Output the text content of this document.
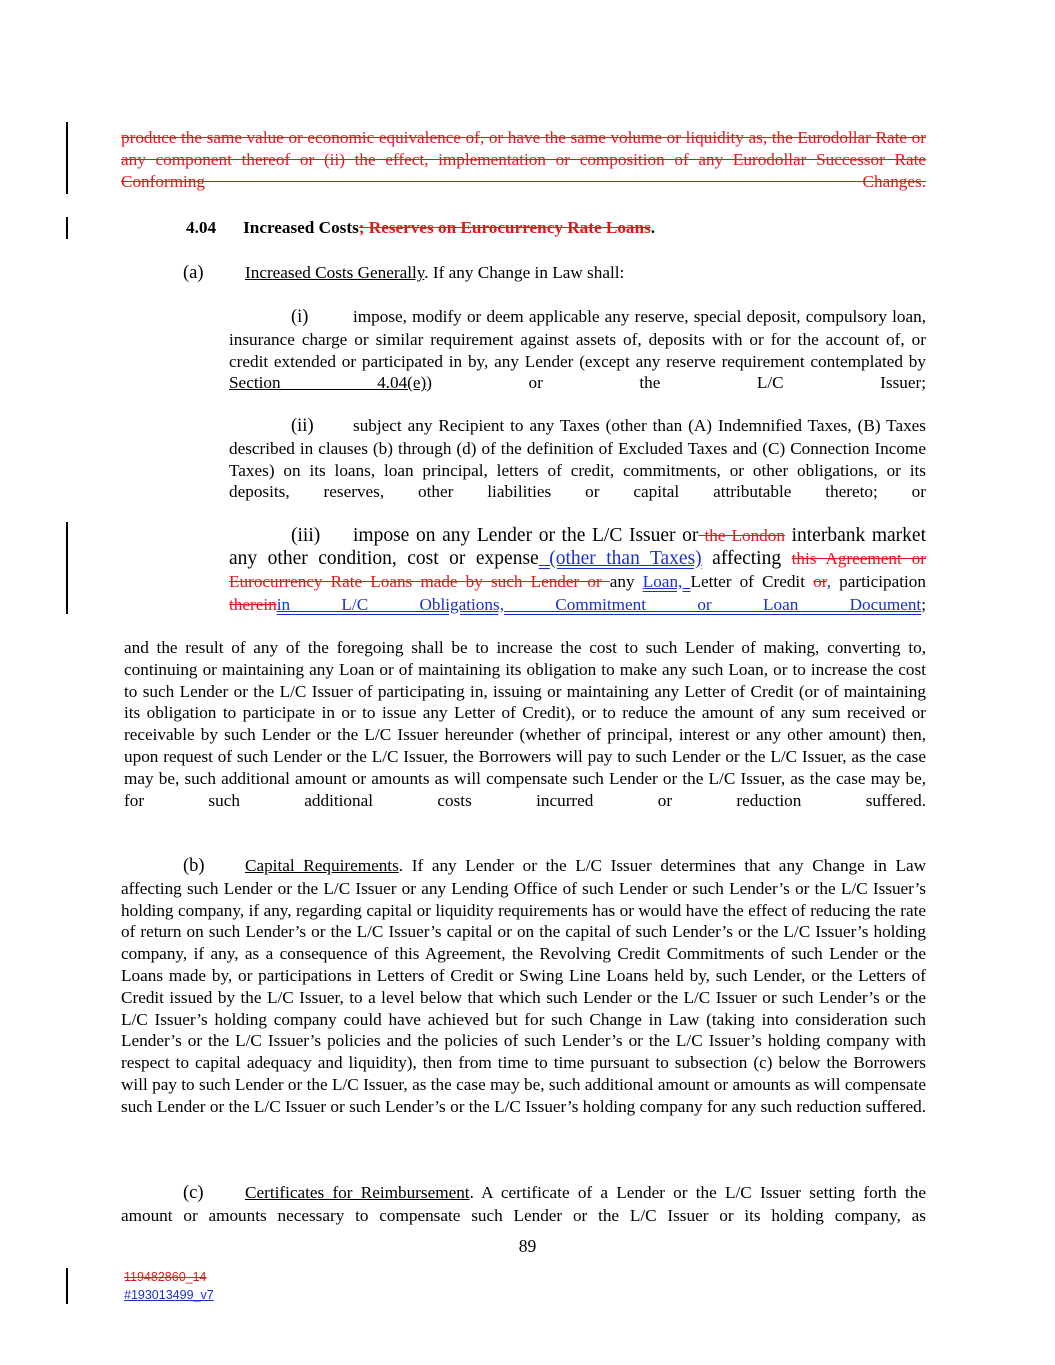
produce the same value or economic equivalence of, or have the same volume or liquidity as, the Eurodollar Rate or any component thereof or (ii) the effect, implementation or composition of any Eurodollar Successor Rate Conforming Changes.

4.04 Increased Costs; Reserves on Eurocurrency Rate Loans.

(a) Increased Costs Generally. If any Change in Law shall:

(i)	impose, modify or deem applicable any reserve, special deposit, compulsory loan, insurance charge or similar requirement against assets of, deposits with or for the account of, or credit extended or participated in by, any Lender (except any reserve requirement contemplated by Section 4.04(e)) or the L/C Issuer;

(ii) subject any Recipient to any Taxes (other than (A) Indemnified Taxes, (B) Taxes described in clauses (b) through (d) of the definition of Excluded Taxes and (C) Connection Income Taxes) on its loans, loan principal, letters of credit, commitments, or other obligations, or its deposits, reserves, other liabilities or capital attributable thereto; or

(iii) impose on any Lender or the L/C Issuer or the London interbank market any other condition, cost or expense (other than Taxes) affecting this Agreement or Eurocurrency Rate Loans made by such Lender or any Loan, Letter of Credit or, participation thereinin L/C Obligations, Commitment or Loan Document;

and the result of any of the foregoing shall be to increase the cost to such Lender of making, converting to, continuing or maintaining any Loan or of maintaining its obligation to make any such Loan, or to increase the cost to such Lender or the L/C Issuer of participating in, issuing or maintaining any Letter of Credit (or of maintaining its obligation to participate in or to issue any Letter of Credit), or to reduce the amount of any sum received or receivable by such Lender or the L/C Issuer hereunder (whether of principal, interest or any other amount) then, upon request of such Lender or the L/C Issuer, the Borrowers will pay to such Lender or the L/C Issuer, as the case may be, such additional amount or amounts as will compensate such Lender or the L/C Issuer, as the case may be, for such additional costs incurred or reduction suffered.

(b) Capital Requirements. If any Lender or the L/C Issuer determines that any Change in Law affecting such Lender or the L/C Issuer or any Lending Office of such Lender or such Lender’s or the L/C Issuer’s holding company, if any, regarding capital or liquidity requirements has or would have the effect of reducing the rate of return on such Lender’s or the L/C Issuer’s capital or on the capital of such Lender’s or the L/C Issuer’s holding company, if any, as a consequence of this Agreement, the Revolving Credit Commitments of such Lender or the Loans made by, or participations in Letters of Credit or Swing Line Loans held by, such Lender, or the Letters of Credit issued by the L/C Issuer, to a level below that which such Lender or the L/C Issuer or such Lender’s or the L/C Issuer’s holding company could have achieved but for such Change in Law (taking into consideration such Lender’s or the L/C Issuer’s policies and the policies of such Lender’s or the L/C Issuer’s holding company with respect to capital adequacy and liquidity), then from time to time pursuant to subsection (c) below the Borrowers will pay to such Lender or the L/C Issuer, as the case may be, such additional amount or amounts as will compensate such Lender or the L/C Issuer or such Lender’s or the L/C Issuer’s holding company for any such reduction suffered.

(c) Certificates for Reimbursement. A certificate of a Lender or the L/C Issuer setting forth the amount or amounts necessary to compensate such Lender or the L/C Issuer or its holding company, as

89

119482860_14

#193013499_v7
